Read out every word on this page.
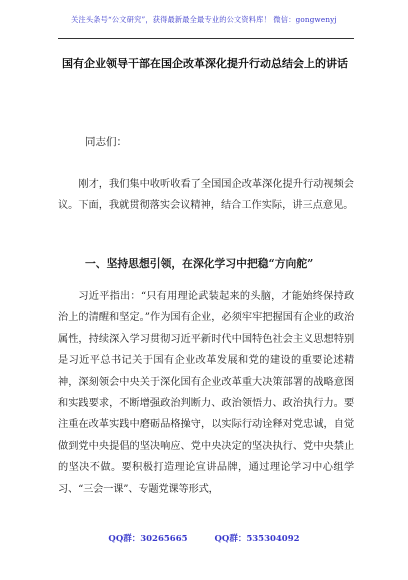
关注头条号“公文研究”，获得最新最全最专业的公文资料库！ 微信：gongwenyj
国有企业领导干部在国企改革深化提升行动总结会上的讲话
同志们：

刚才，我们集中收听收看了全国国企改革深化提升行动视频会议。下面，我就贯彻落实会议精神，结合工作实际，讲三点意见。

一、坚持思想引领，在深化学习中把稳“方向舵”

习近平指出：“只有用理论武装起来的头脑，才能始终保持政治上的清醒和坚定。”作为国有企业，必须牢牢把握国有企业的政治属性，持续深入学习贯彻习近平新时代中国特色社会主义思想特别是习近平总书记关于国有企业改革发展和党的建设的重要论述精神，深刻领会中央关于深化国有企业改革重大决策部署的战略意图和实践要求，不断增强政治判断力、政治领悟力、政治执行力。要注重在改革实践中磨砺品格操守，以实际行动诠释对党忠诚，自觉做到党中央提倡的坚决响应、党中央决定的坚决执行、党中央禁止的坚决不做。要积极打造理论宣讲品牌，通过理论学习中心组学习、“三会一课”、专题党课等形式，

QQ群：30265665	QQ群：535304092
